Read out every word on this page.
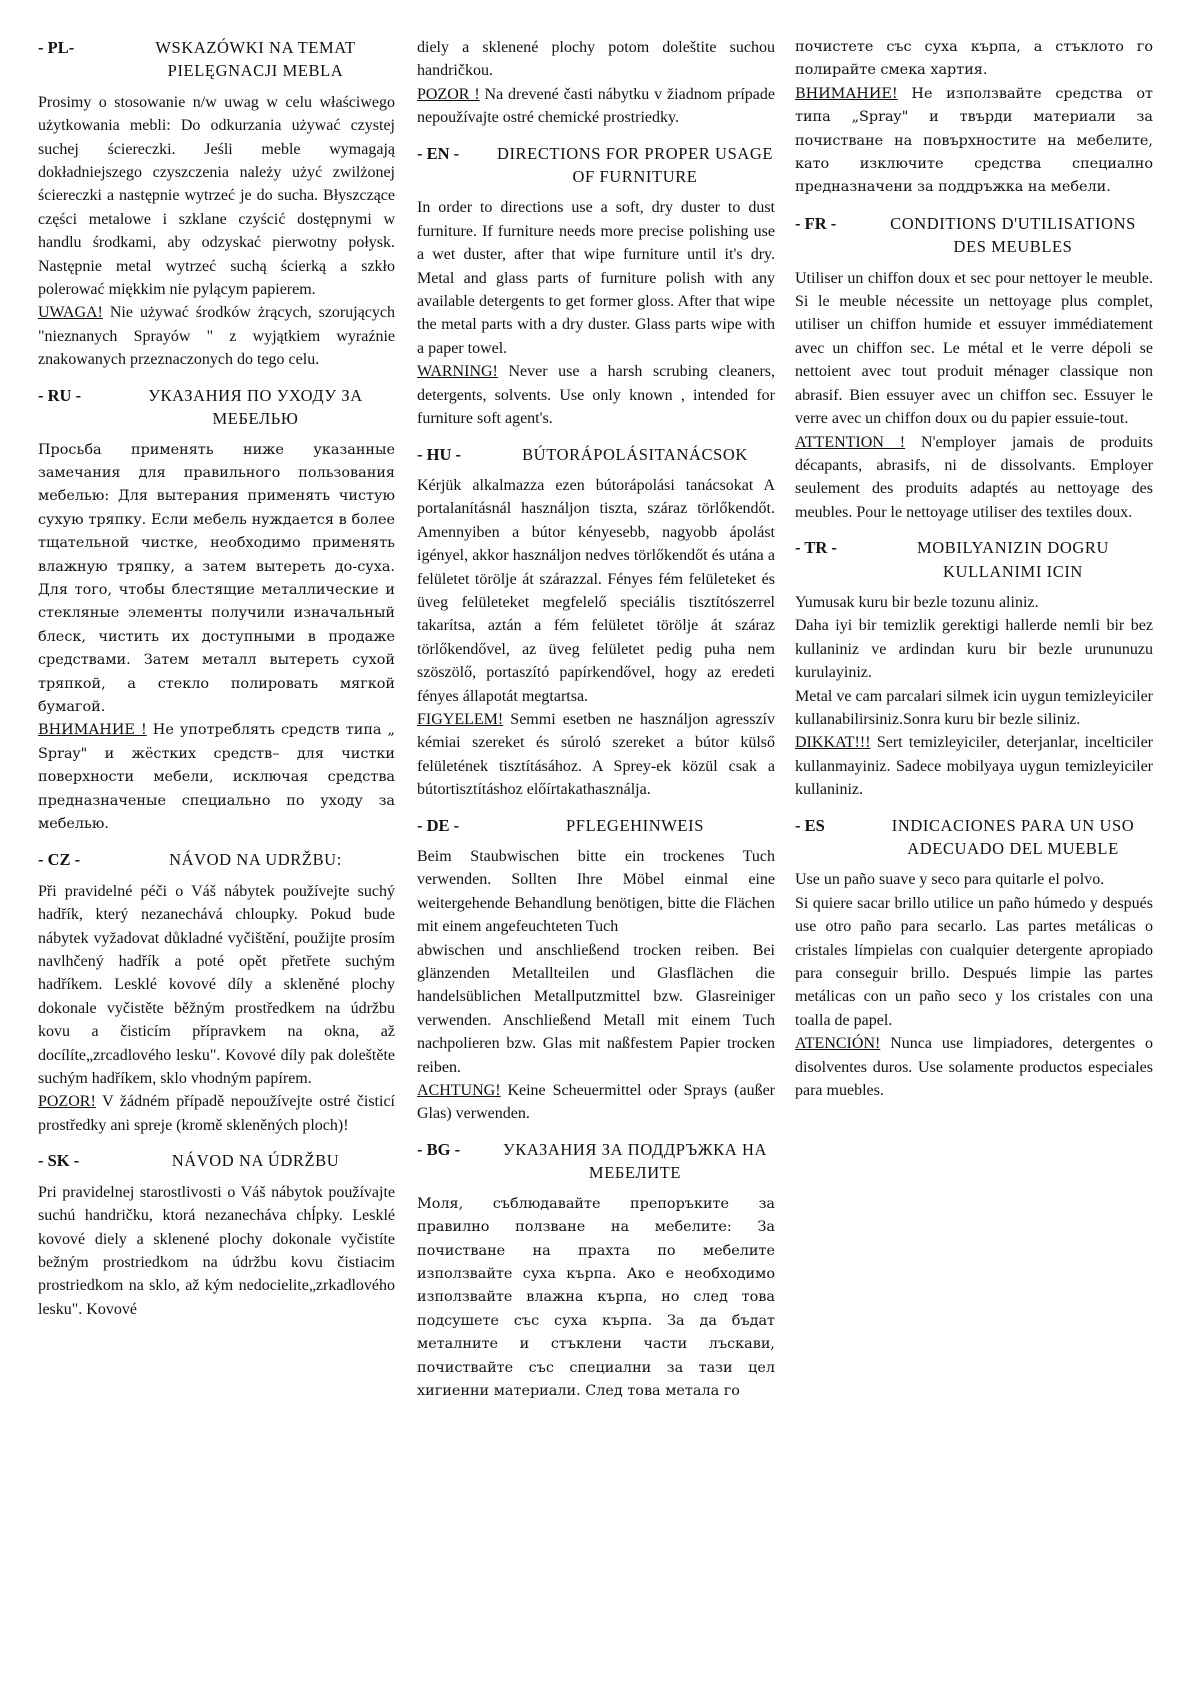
- PL-	WSKAZÓWKI NA TEMAT PIELĘGNACJI MEBLA

Prosimy o stosowanie n/w uwag w celu właściwego użytkowania mebli: Do odkurzania używać czystej suchej ściereczki. Jeśli meble wymagają dokładniejszego czyszczenia należy użyć zwilżonej ściereczki a następnie wytrzeć je do sucha. Błyszczące części metalowe i szklane czyścić dostępnymi w handlu środkami, aby odzyskać pierwotny połysk. Następnie metal wytrzeć suchą ścierką a szkło polerować miękkim nie pylącym papierem.

UWAGA! Nie używać środków żrących, szorujących "nieznanych Sprayów " z wyjątkiem wyraźnie znakowanych przeznaczonych do tego celu.

- RU -	УКАЗАНИЯ ПО УХОДУ ЗА МЕБЕЛЬЮ

Просьба применять ниже указанные замечания для правильного пользования мебелью: Для вытерания применять чистую сухую тряпку. Если мебель нуждается в более тщательной чистке, необходимо применять влажную тряпку, а затем вытереть до-суха. Для того, чтобы блестящие металлические и стекляные элементы получили изначальный блеск, чистить их доступными в продаже средствами. Затем металл вытереть сухой тряпкой, а стекло полировать мягкой бумагой.

ВНИМАНИЕ ! Не употреблять средств типа „ Spray" и жёсткиx средств– для чистки поверхности мебели, исключая средства предназначеные специально по уходу за мебелью.

- CZ -	NÁVOD NA UDRŽBU:

Při pravidelné péči o Váš nábytek používejte suchý hadřík, který nezanechává chloupky. Pokud bude nábytek vyžadovat důkladné vyčištění, použijte prosím navlhčený hadřík a poté opět přetřete suchým hadříkem. Lesklé kovové díly a skleněné plochy dokonale vyčistěte běžným prostředkem na údržbu kovu a čisticím přípravkem na okna, až docílíte„zrcadlového lesku". Kovové díly pak doleštěte suchým hadříkem, sklo vhodným papírem.

POZOR! V žádném případě nepoužívejte ostré čisticí prostředky ani spreje (kromě skleněných ploch)!

- SK -	NÁVOD NA ÚDRŽBU

Pri pravidelnej starostlivosti o Váš nábytok používajte suchú handričku, ktorá nezanecháva chĺpky. Lesklé kovové diely a sklenené plochy dokonale vyčistíte bežným prostriedkom na údržbu kovu čistiacim prostriedkom na sklo, až kým nedocielite„zrkadlového lesku". Kovové

diely a sklenené plochy potom doleštite suchou handričkou.

POZOR ! Na drevené časti nábytku v žiadnom prípade nepoužívajte ostré chemické prostriedky.

- EN -	DIRECTIONS FOR PROPER USAGE OF FURNITURE

In order to directions use a soft, dry duster to dust furniture. If furniture needs more precise polishing use a wet duster, after that wipe furniture until it's dry. Metal and glass parts of furniture polish with any available detergents to get former gloss. After that wipe the metal parts with a dry duster. Glass parts wipe with a paper towel.

WARNING! Never use a harsh scrubing cleaners, detergents, solvents. Use only known , intended for furniture soft agent's.

- HU -	BÚTORÁPOLÁSITANÁCSOK

Kérjük alkalmazza ezen bútorápolási tanácsokat A portalanításnál használjon tiszta, száraz törlőkendőt. Amennyiben a bútor kényesebb, nagyobb ápolást igényel, akkor használjon nedves törlőkendőt és utána a felületet törölje át szárazzal. Fényes fém felületeket és üveg felületeket megfelelő speciális tisztítószerrel takarítsa, aztán a fém felületet törölje át száraz törlőkendővel, az üveg felületet pedig puha nem szöszölő, portaszító papírkendővel, hogy az eredeti fényes állapotát megtartsa.

FIGYELEM! Semmi esetben ne használjon agresszív kémiai szereket és súroló szereket a bútor külső felületének tisztításához. A Sprey-ek közül csak a bútortisztításhoz előírtakathasználja.

- DE -	PFLEGEHINWEIS

Beim Staubwischen bitte ein trockenes Tuch verwenden. Sollten Ihre Möbel einmal eine weitergehende Behandlung benötigen, bitte die Flächen mit einem angefeuchteten Tuch

abwischen und anschließend trocken reiben. Bei glänzenden Metallteilen und Glasflächen die handelsüblichen Metallputzmittel bzw. Glasreiniger verwenden. Anschließend Metall mit einem Tuch nachpolieren bzw. Glas mit naßfestem Papier trocken reiben.

ACHTUNG! Keine Scheuermittel oder Sprays (außer Glas) verwenden.

- BG -	УКАЗАНИЯ ЗА ПОДДРЪЖКА НА МЕБЕЛИТЕ

Моля, съблюдавайте препоръките за правилно ползване на мебелите: За почистване на прахта по мебелите използвайте суха кърпа. Ако е необходимо използвайте влажна кърпа, но след това подсушете със суха кърпа. За да бъдат металните и стъклени части лъскави, почиствайте със специални за тази цел хигиенни материали. След това метала го

почистете със суха кърпа, а стъклото го полирайте смека хартия.

ВНИМАНИЕ! Не използвайте средства от типа „Spray" и твърди материали за почистване на повърхностите на мебелите, като изключите средства специално предназначени за поддръжка на мебели.

- FR -	CONDITIONS D'UTILISATIONS DES MEUBLES

Utiliser un chiffon doux et sec pour nettoyer le meuble. Si le meuble nécessite un nettoyage plus complet, utiliser un chiffon humide et essuyer immédiatement avec un chiffon sec. Le métal et le verre dépoli se nettoient avec tout produit ménager classique non abrasif. Bien essuyer avec un chiffon sec. Essuyer le verre avec un chiffon doux ou du papier essuie-tout.

ATTENTION ! N'employer jamais de produits décapants, abrasifs, ni de dissolvants. Employer seulement des produits adaptés au nettoyage des meubles. Pour le nettoyage utiliser des textiles doux.

- TR -	MOBILYANIZIN DOGRU KULLANIMI ICIN

Yumusak kuru bir bezle tozunu aliniz.

Daha iyi bir temizlik gerektigi hallerde nemli bir bez kullaniniz ve ardindan kuru bir bezle urununuzu kurulayiniz.

Metal ve cam parcalari silmek icin uygun temizleyiciler kullanabilirsiniz.Sonra kuru bir bezle siliniz.

DIKKAT!!! Sert temizleyiciler, deterjanlar, incelticiler kullanmayiniz. Sadece mobilyaya uygun temizleyiciler kullaniniz.

- ES	INDICACIONES PARA UN USO ADECUADO DEL MUEBLE

Use un paño suave y seco para quitarle el polvo.

Si quiere sacar brillo utilice un paño húmedo y después use otro paño para secarlo. Las partes metálicas o cristales límpielas con cualquier detergente apropiado para conseguir brillo. Después limpie las partes metálicas con un paño seco y los cristales con una toalla de papel.

ATENCIÓN! Nunca use limpiadores, detergentes o disolventes duros. Use solamente productos especiales para muebles.
